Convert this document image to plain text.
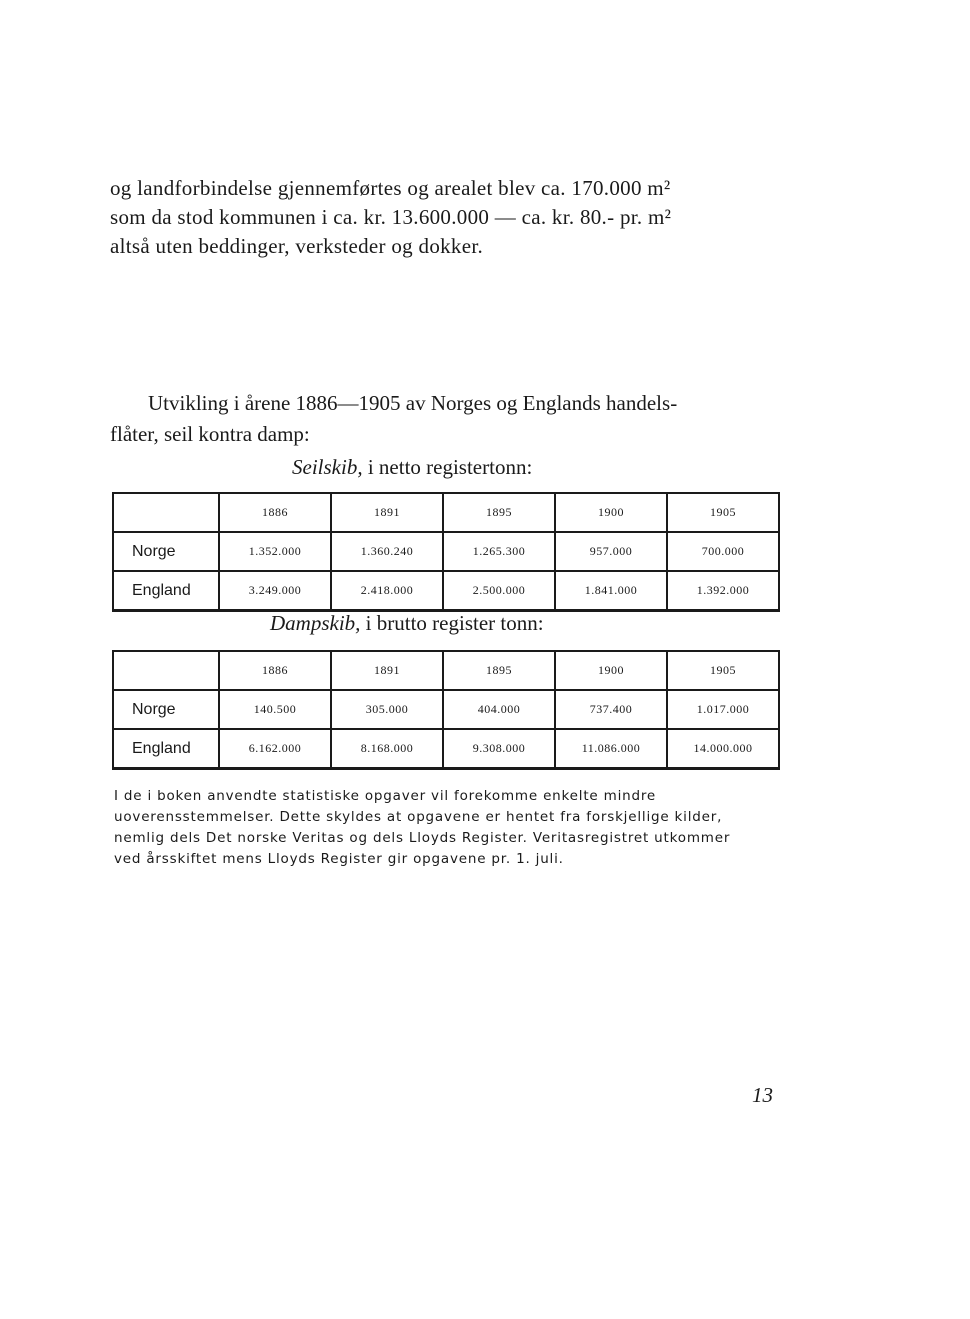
og landforbindelse gjennemførtes og arealet blev ca. 170.000 m²
som da stod kommunen i ca. kr. 13.600.000 — ca. kr. 80.- pr. m²
altså uten beddinger, verksteder og dokker.
Utvikling i årene 1886—1905 av Norges og Englands handels-
flåter, seil kontra damp:
Seilskib, i netto registertonn:
	1886	1891	1895	1900	1905
Norge	1.352.000	1.360.240	1.265.300	957.000	700.000
England	3.249.000	2.418.000	2.500.000	1.841.000	1.392.000
Dampskib, i brutto register tonn:
	1886	1891	1895	1900	1905
Norge	140.500	305.000	404.000	737.400	1.017.000
England	6.162.000	8.168.000	9.308.000	11.086.000	14.000.000
I de i boken anvendte statistiske opgaver vil forekomme enkelte mindre
uoverensstemmelser. Dette skyldes at opgavene er hentet fra forskjellige kilder,
nemlig dels Det norske Veritas og dels Lloyds Register. Veritasregistret utkommer
ved årsskiftet mens Lloyds Register gir opgavene pr. 1. juli.
13
